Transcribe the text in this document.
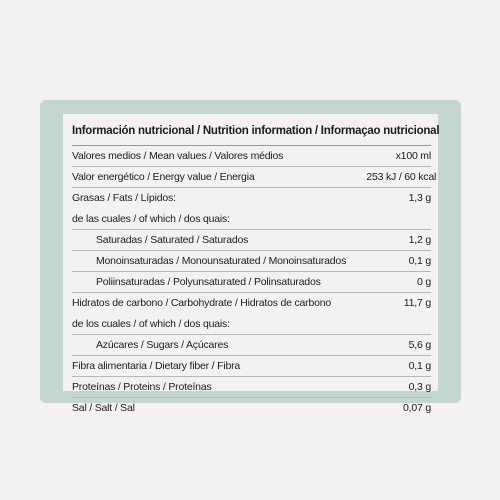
Información nutricional / Nutrition information / Informaçao nutricional
Valores medios / Mean values / Valores médios	x100 ml
Valor energético / Energy value / Energia	253 kJ / 60 kcal
Grasas / Fats / Lípidos:	1,3 g
de las cuales / of which / dos quais:	
Saturadas / Saturated / Saturados	1,2 g
Monoinsaturadas / Monounsaturated / Monoinsaturados	0,1 g
Poliinsaturadas / Polyunsaturated / Polinsaturados	0 g
Hidratos de carbono / Carbohydrate / Hidratos de carbono	11,7 g
de los cuales / of which / dos quais:	
Azúcares / Sugars / Açúcares	5,6 g
Fibra alimentaria / Dietary fiber / Fibra	0,1 g
Proteínas / Proteins / Proteínas	0,3 g
Sal / Salt / Sal	0,07 g
